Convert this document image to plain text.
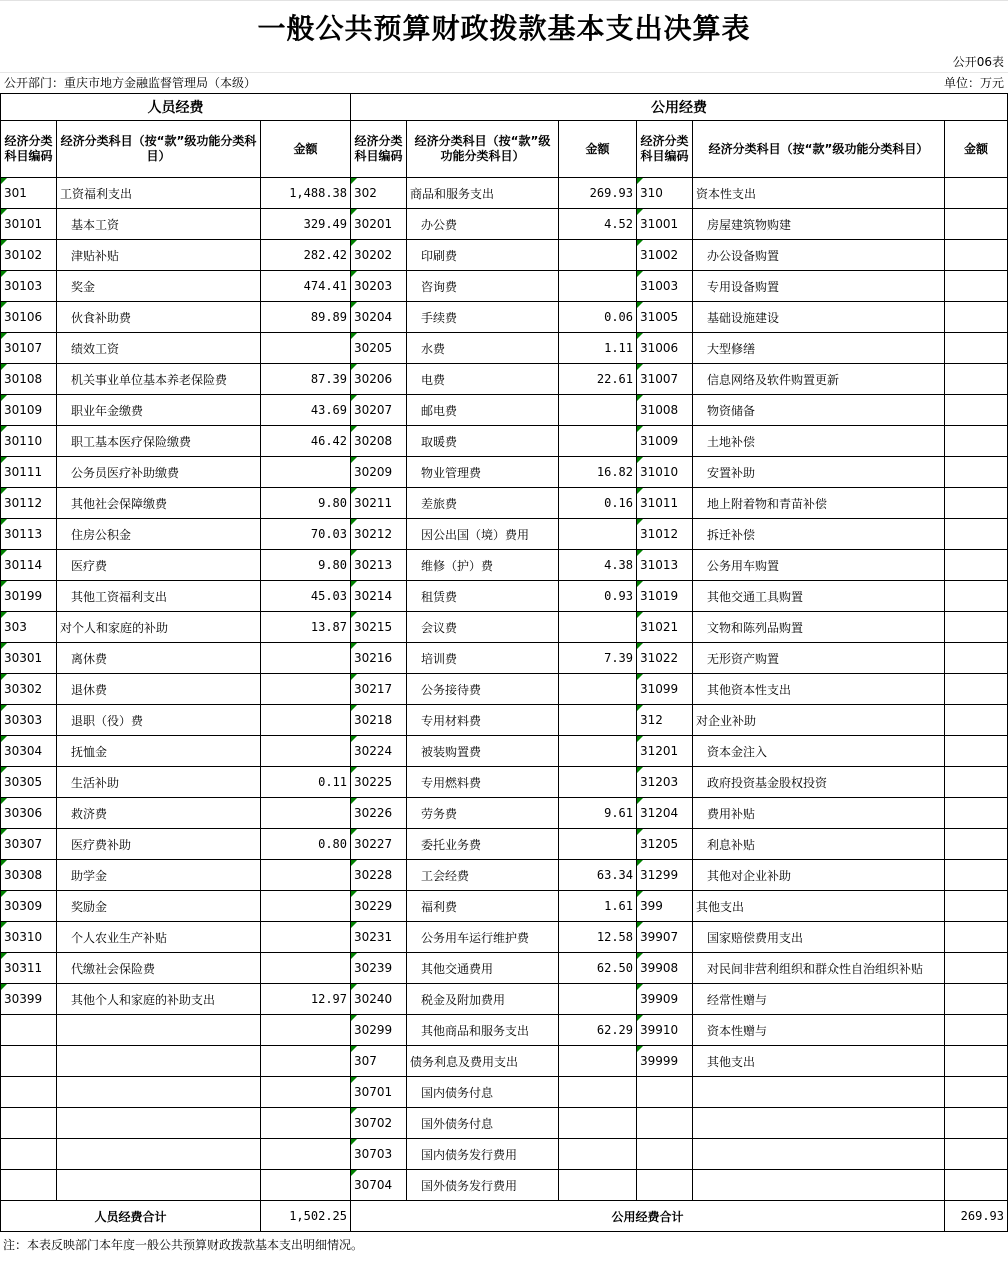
一般公共预算财政拨款基本支出决算表
公开06表
公开部门：重庆市地方金融监督管理局（本级）	单位：万元
人员经费			公用经费					
经济分类科目编码	经济分类科目（按“款”级功能分类科目）	金额	经济分类科目编码	经济分类科目（按“款”级功能分类科目）	金额	经济分类科目编码	经济分类科目（按“款”级功能分类科目）	金额
301	工资福利支出	1,488.38	302	商品和服务支出	269.93	310	资本性支出	
30101	基本工资	329.49	30201	办公费	4.52	31001	房屋建筑物购建	
30102	津贴补贴	282.42	30202	印刷费		31002	办公设备购置	
30103	奖金	474.41	30203	咨询费		31003	专用设备购置	
30106	伙食补助费	89.89	30204	手续费	0.06	31005	基础设施建设	
30107	绩效工资		30205	水费	1.11	31006	大型修缮	
30108	机关事业单位基本养老保险费	87.39	30206	电费	22.61	31007	信息网络及软件购置更新	
30109	职业年金缴费	43.69	30207	邮电费		31008	物资储备	
30110	职工基本医疗保险缴费	46.42	30208	取暖费		31009	土地补偿	
30111	公务员医疗补助缴费		30209	物业管理费	16.82	31010	安置补助	
30112	其他社会保障缴费	9.80	30211	差旅费	0.16	31011	地上附着物和青苗补偿	
30113	住房公积金	70.03	30212	因公出国（境）费用		31012	拆迁补偿	
30114	医疗费	9.80	30213	维修（护）费	4.38	31013	公务用车购置	
30199	其他工资福利支出	45.03	30214	租赁费	0.93	31019	其他交通工具购置	
303	对个人和家庭的补助	13.87	30215	会议费		31021	文物和陈列品购置	
30301	离休费		30216	培训费	7.39	31022	无形资产购置	
30302	退休费		30217	公务接待费		31099	其他资本性支出	
30303	退职（役）费		30218	专用材料费		312	对企业补助	
30304	抚恤金		30224	被装购置费		31201	资本金注入	
30305	生活补助	0.11	30225	专用燃料费		31203	政府投资基金股权投资	
30306	救济费		30226	劳务费	9.61	31204	费用补贴	
30307	医疗费补助	0.80	30227	委托业务费		31205	利息补贴	
30308	助学金		30228	工会经费	63.34	31299	其他对企业补助	
30309	奖励金		30229	福利费	1.61	399	其他支出	
30310	个人农业生产补贴		30231	公务用车运行维护费	12.58	39907	国家赔偿费用支出	
30311	代缴社会保险费		30239	其他交通费用	62.50	39908	对民间非营利组织和群众性自治组织补贴	
30399	其他个人和家庭的补助支出	12.97	30240	税金及附加费用		39909	经常性赠与	
			30299	其他商品和服务支出	62.29	39910	资本性赠与	
			307	债务利息及费用支出		39999	其他支出	
			30701	国内债务付息				
			30702	国外债务付息				
			30703	国内债务发行费用				
			30704	国外债务发行费用				
人员经费合计		1,502.25	公用经费合计					269.93
注：本表反映部门本年度一般公共预算财政拨款基本支出明细情况。
